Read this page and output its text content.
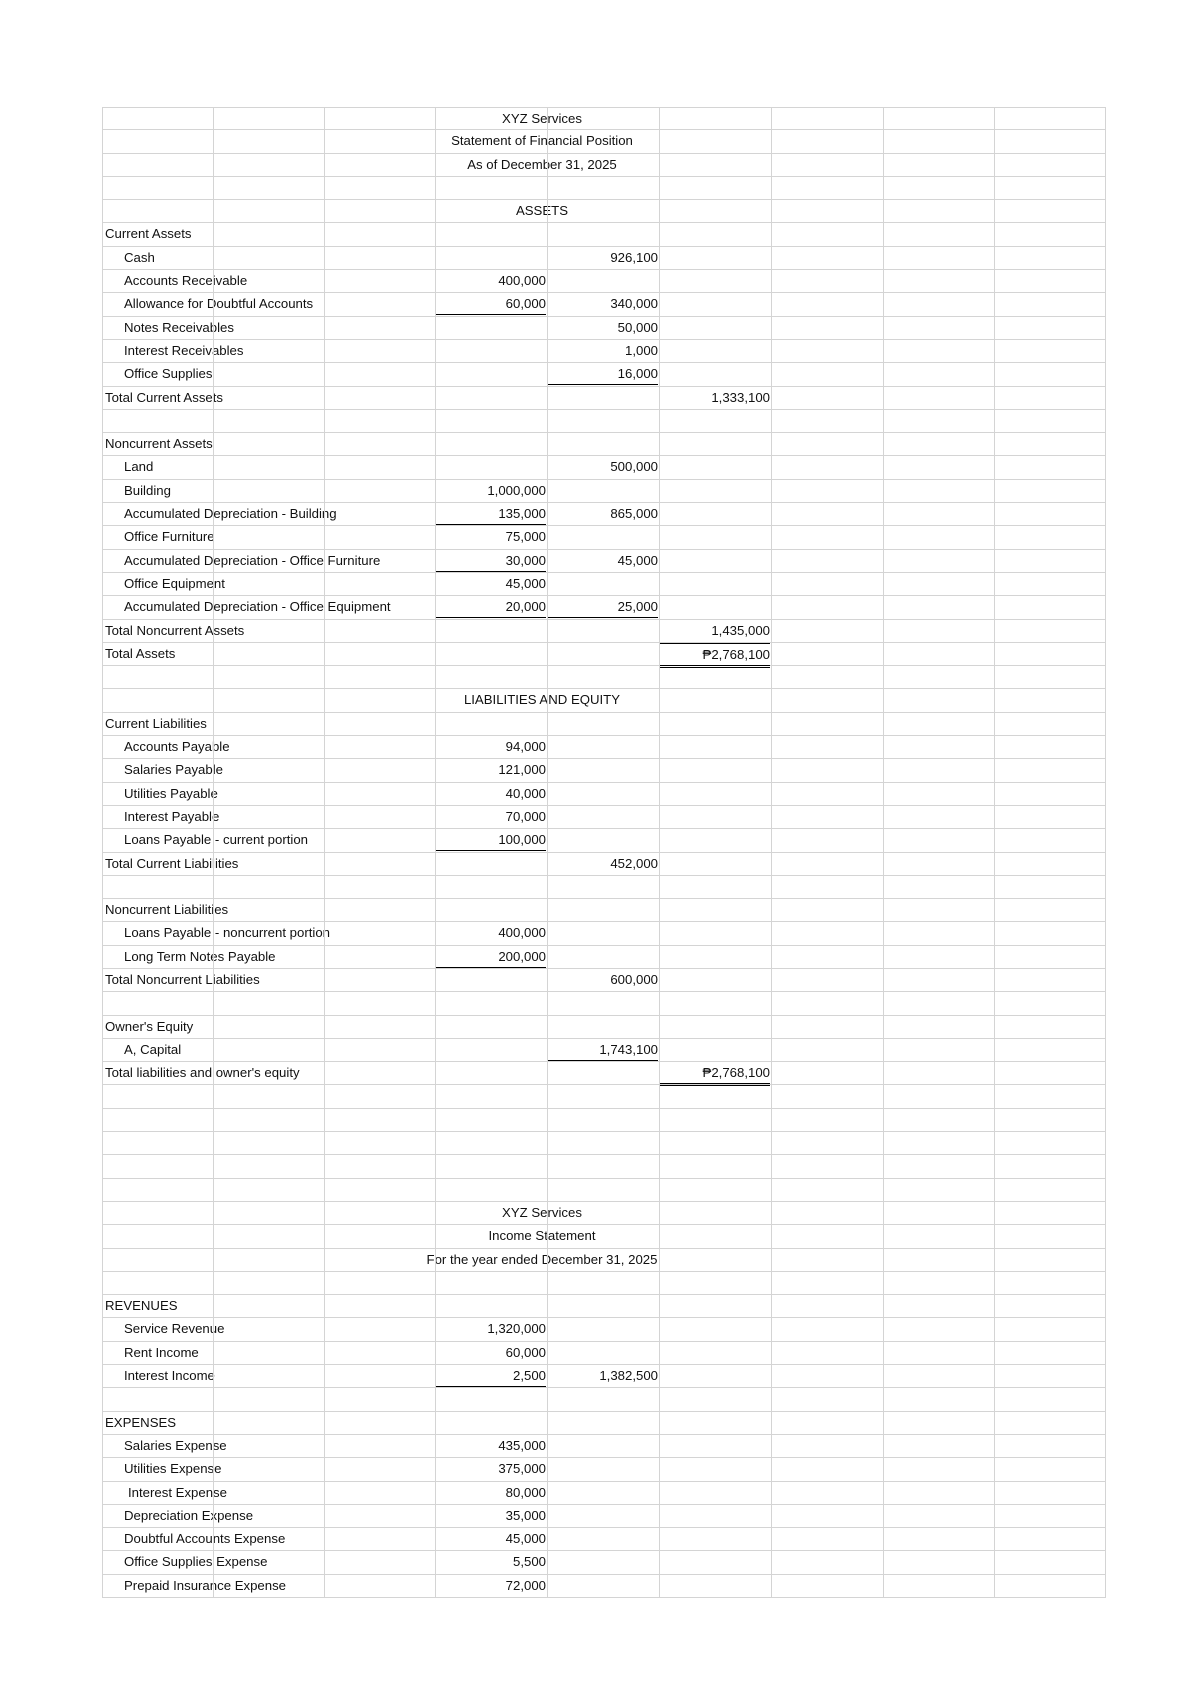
XYZ Services
Statement of Financial Position
As of December 31, 2025
ASSETS
Current Assets
Cash	926,100
Accounts Receivable	400,000
Allowance for Doubtful Accounts	60,000	340,000
Notes Receivables	50,000
Interest Receivables	1,000
Office Supplies	16,000
Total Current Assets	1,333,100
Noncurrent Assets
Land	500,000
Building	1,000,000
Accumulated Depreciation - Building	135,000	865,000
Office Furniture	75,000
Accumulated Depreciation - Office Furniture	30,000	45,000
Office Equipment	45,000
Accumulated Depreciation - Office Equipment	20,000	25,000
Total Noncurrent Assets	1,435,000
Total Assets	₱2,768,100
LIABILITIES AND EQUITY
Current Liabilities
Accounts Payable	94,000
Salaries Payable	121,000
Utilities Payable	40,000
Interest Payable	70,000
Loans Payable - current portion	100,000
Total Current Liabilities	452,000
Noncurrent Liabilities
Loans Payable - noncurrent portion	400,000
Long Term Notes Payable	200,000
Total Noncurrent Liabilities	600,000
Owner's Equity
A, Capital	1,743,100
Total liabilities and owner's equity	₱2,768,100
XYZ Services
Income Statement
For the year ended December 31, 2025
REVENUES
Service Revenue	1,320,000
Rent Income	60,000
Interest Income	2,500	1,382,500
EXPENSES
Salaries Expense	435,000
Utilities Expense	375,000
Interest Expense	80,000
Depreciation Expense	35,000
Doubtful Accounts Expense	45,000
Office Supplies Expense	5,500
Prepaid Insurance Expense	72,000
